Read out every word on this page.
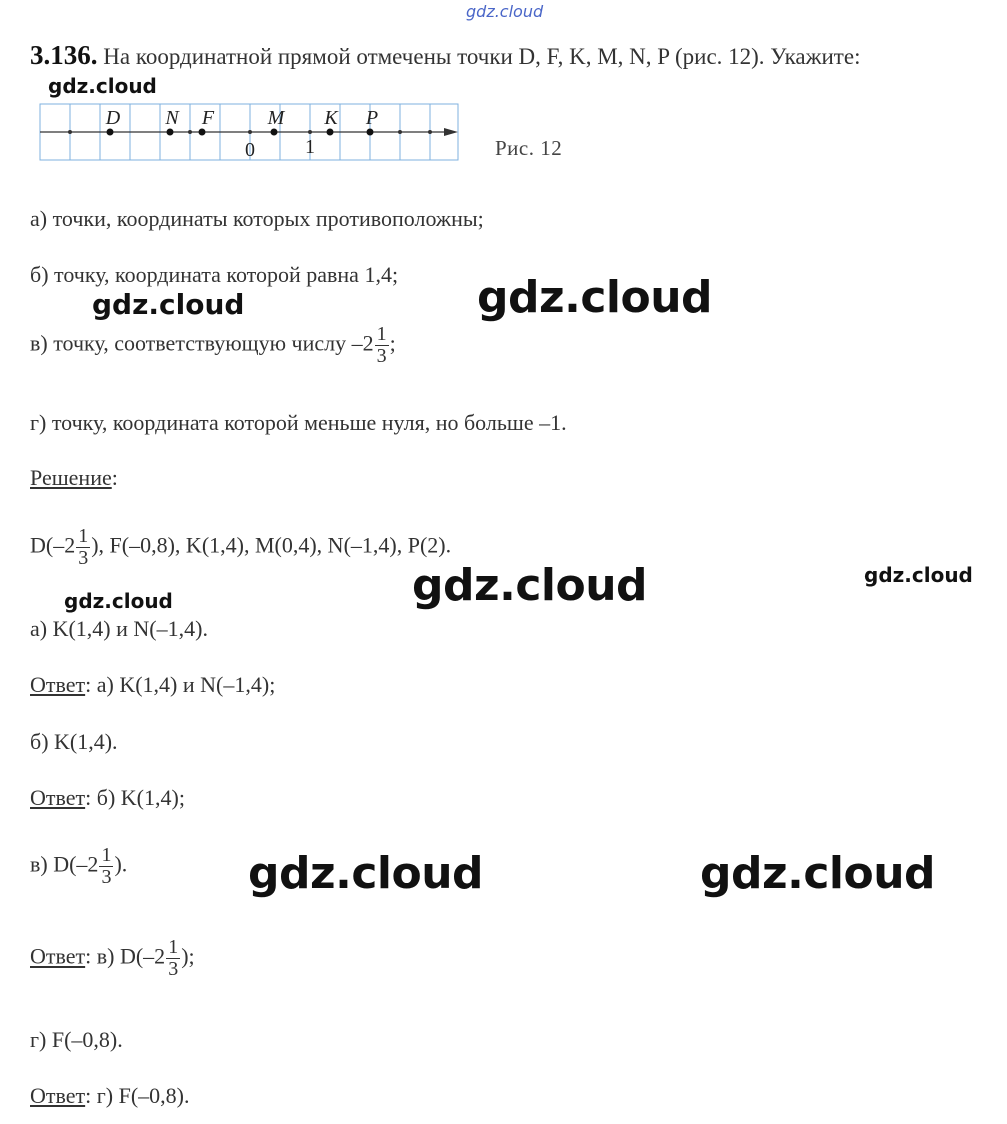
gdz.cloud
3.136. На координатной прямой отмечены точки D, F, K, M, N, P (рис. 12). Укажите:
gdz.cloud
D N F	M K P
0	1	Рис. 12
а) точки, координаты которых противоположны;
б) точку, координата которой равна 1,4;
gdz.cloud	gdz.cloud
в) точку, соответствующую числу $-2 \frac{1}{3}$ ;
г) точку, координата которой меньше нуля, но больше –1.
Решение:
$D(-2 \frac{1}{3}$ ), F(–0,8), K(1,4), M(0,4), N(–1,4), P(2).
gdz.cloud
gdz.cloud
gdz.cloud
а) K(1,4) и N(–1,4).
Ответ: а) K(1,4) и N(–1,4);
б) K(1,4).
Ответ: б) K(1,4);
в) $D(-2 \frac{1}{3}$ ).	gdz.cloud	gdz.cloud
Ответ: в) $D(-2 \frac{1}{3}$ );
г) F(–0,8).
Ответ: г) F(–0,8).
